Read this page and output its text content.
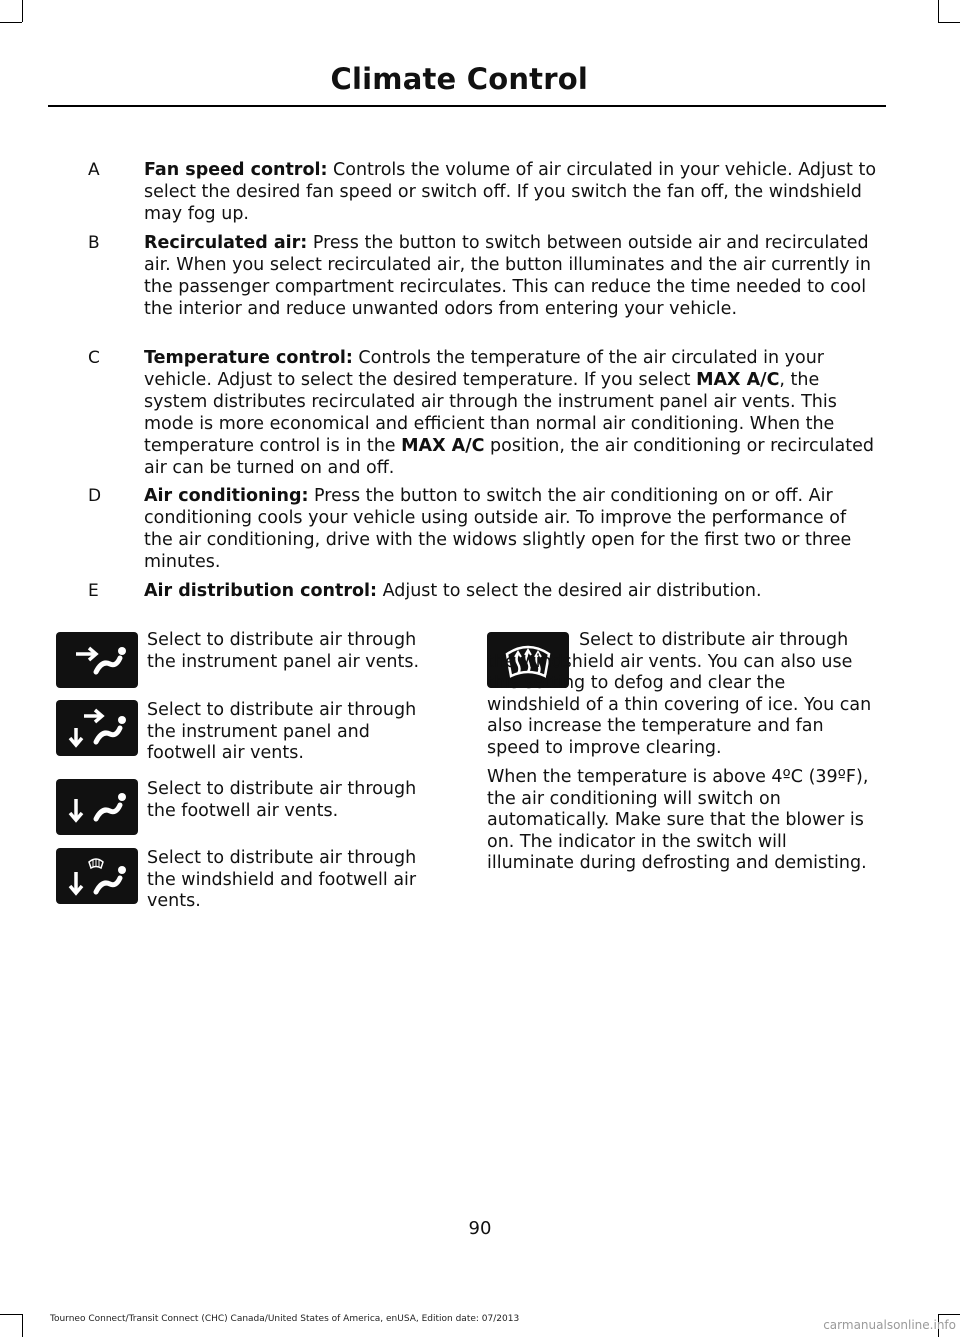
Climate Control
A	Fan speed control: Controls the volume of air circulated in your vehicle. Adjust to select the desired fan speed or switch off. If you switch the fan off, the windshield may fog up.
B	Recirculated air: Press the button to switch between outside air and recirculated air. When you select recirculated air, the button illuminates and the air currently in the passenger compartment recirculates. This can reduce the time needed to cool the interior and reduce unwanted odors from entering your vehicle.
C	Temperature control: Controls the temperature of the air circulated in your vehicle. Adjust to select the desired temperature. If you select MAX A/C, the system distributes recirculated air through the instrument panel air vents. This mode is more economical and efficient than normal air conditioning. When the temperature control is in the MAX A/C position, the air conditioning or recirculated air can be turned on and off.
D Air conditioning: Press the button to switch the air conditioning on or off. Air conditioning cools your vehicle using outside air. To improve the performance of the air conditioning, drive with the widows slightly open for the first two or three minutes.
E	Air distribution control: Adjust to select the desired air distribution.
Select to distribute air through the instrument panel air vents.
Select to distribute air through the instrument panel and footwell air vents.
Select to distribute air through the footwell air vents.
Select to distribute air through the windshield and footwell air vents.
Select to distribute air through the windshield air vents. You can also use this setting to defog and clear the windshield of a thin covering of ice. You can also increase the temperature and fan speed to improve clearing.
When the temperature is above 4ºC (39ºF), the air conditioning will switch on automatically. Make sure that the blower is on. The indicator in the switch will illuminate during defrosting and demisting.
90
Tourneo Connect/Transit Connect (CHC) Canada/United States of America, enUSA, Edition date: 07/2013	carmanualsonline.info
